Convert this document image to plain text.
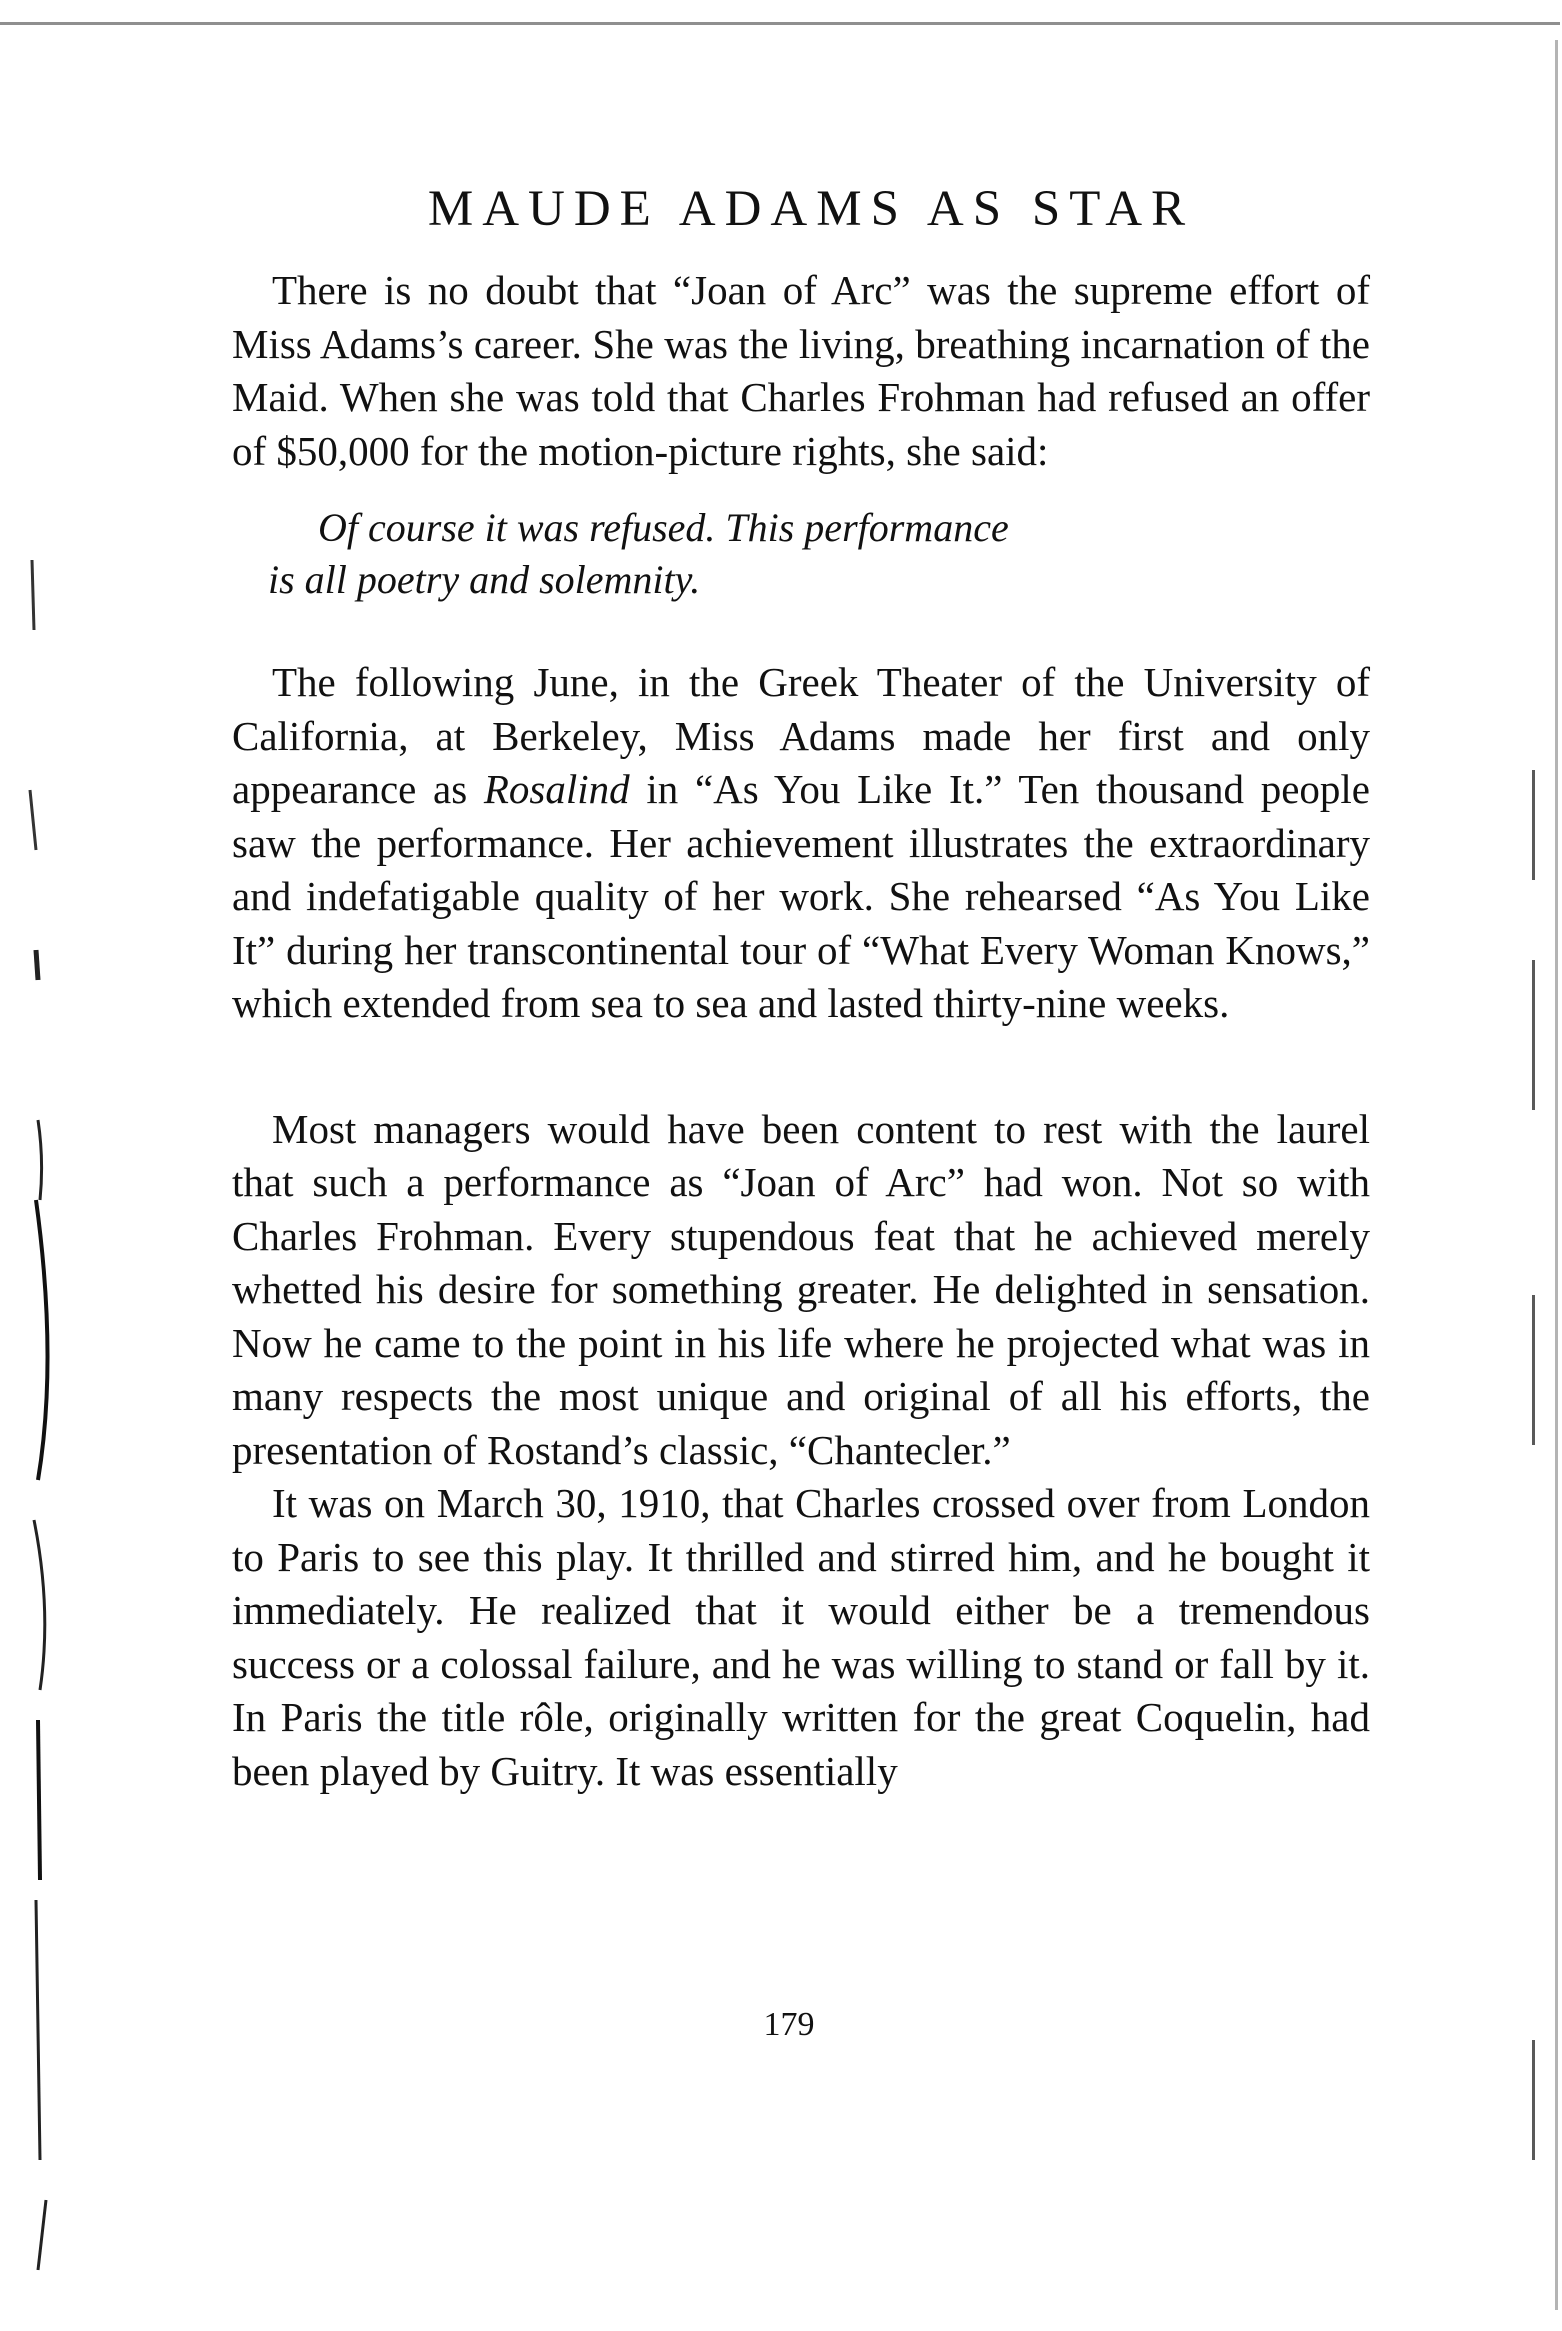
MAUDE ADAMS AS STAR

There is no doubt that “Joan of Arc” was the supreme effort of Miss Adams’s career. She was the living, breathing incarnation of the Maid. When she was told that Charles Frohman had refused an offer of $50,000 for the motion-picture rights, she said:

Of course it was refused. This performance
is all poetry and solemnity.

The following June, in the Greek Theater of the University of California, at Berkeley, Miss Adams made her first and only appearance as Rosalind in “As You Like It.” Ten thousand people saw the performance. Her achievement illustrates the extraordinary and indefatigable quality of her work. She rehearsed “As You Like It” during her transcontinental tour of “What Every Woman Knows,” which extended from sea to sea and lasted thirty-nine weeks.

Most managers would have been content to rest with the laurel that such a performance as “Joan of Arc” had won. Not so with Charles Frohman. Every stupendous feat that he achieved merely whetted his desire for something greater. He delighted in sensation. Now he came to the point in his life where he projected what was in many respects the most unique and original of all his efforts, the presentation of Rostand’s classic, “Chantecler.”

It was on March 30, 1910, that Charles crossed over from London to Paris to see this play. It thrilled and stirred him, and he bought it immediately. He realized that it would either be a tremendous success or a colossal failure, and he was willing to stand or fall by it. In Paris the title rôle, originally written for the great Coquelin, had been played by Guitry. It was essentially

179
